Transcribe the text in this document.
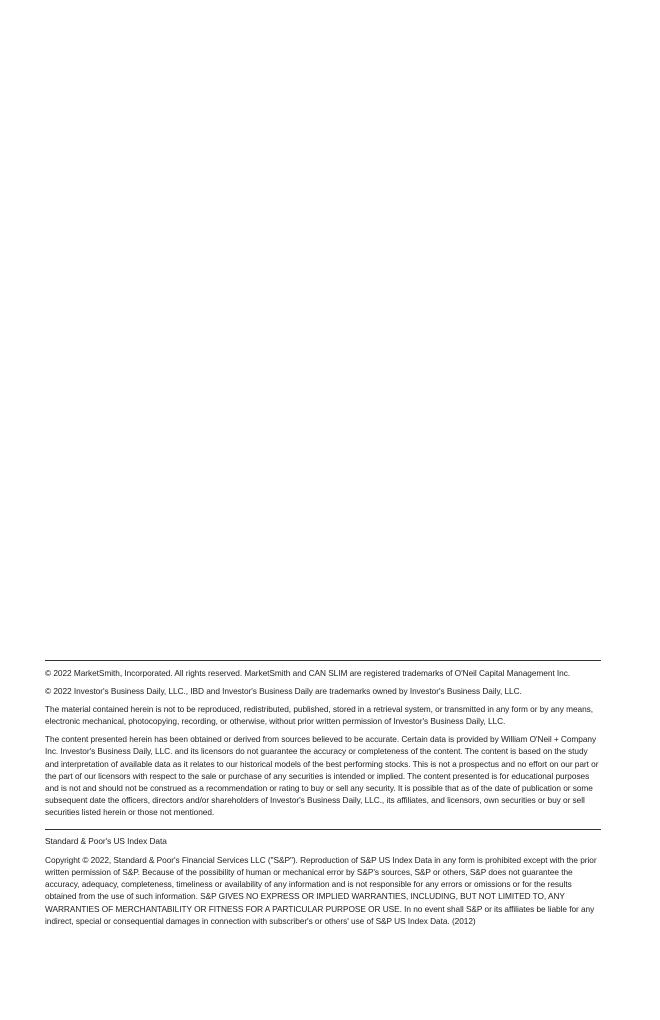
© 2022 MarketSmith, Incorporated. All rights reserved. MarketSmith and CAN SLIM are registered trademarks of O'Neil Capital Management Inc.

© 2022 Investor's Business Daily, LLC., IBD and Investor's Business Daily are trademarks owned by Investor's Business Daily, LLC.

The material contained herein is not to be reproduced, redistributed, published, stored in a retrieval system, or transmitted in any form or by any means, electronic mechanical, photocopying, recording, or otherwise, without prior written permission of Investor's Business Daily, LLC.

The content presented herein has been obtained or derived from sources believed to be accurate. Certain data is provided by William O'Neil + Company Inc. Investor's Business Daily, LLC. and its licensors do not guarantee the accuracy or completeness of the content. The content is based on the study and interpretation of available data as it relates to our historical models of the best performing stocks. This is not a prospectus and no effort on our part or the part of our licensors with respect to the sale or purchase of any securities is intended or implied. The content presented is for educational purposes and is not and should not be construed as a recommendation or rating to buy or sell any security. It is possible that as of the date of publication or some subsequent date the officers, directors and/or shareholders of Investor's Business Daily, LLC., its affiliates, and licensors, own securities or buy or sell securities listed herein or those not mentioned.

Standard & Poor's US Index Data

Copyright © 2022, Standard & Poor's Financial Services LLC ("S&P"). Reproduction of S&P US Index Data in any form is prohibited except with the prior written permission of S&P. Because of the possibility of human or mechanical error by S&P's sources, S&P or others, S&P does not guarantee the accuracy, adequacy, completeness, timeliness or availability of any information and is not responsible for any errors or omissions or for the results obtained from the use of such information. S&P GIVES NO EXPRESS OR IMPLIED WARRANTIES, INCLUDING, BUT NOT LIMITED TO, ANY WARRANTIES OF MERCHANTABILITY OR FITNESS FOR A PARTICULAR PURPOSE OR USE. In no event shall S&P or its affiliates be liable for any indirect, special or consequential damages in connection with subscriber's or others' use of S&P US Index Data. (2012)
